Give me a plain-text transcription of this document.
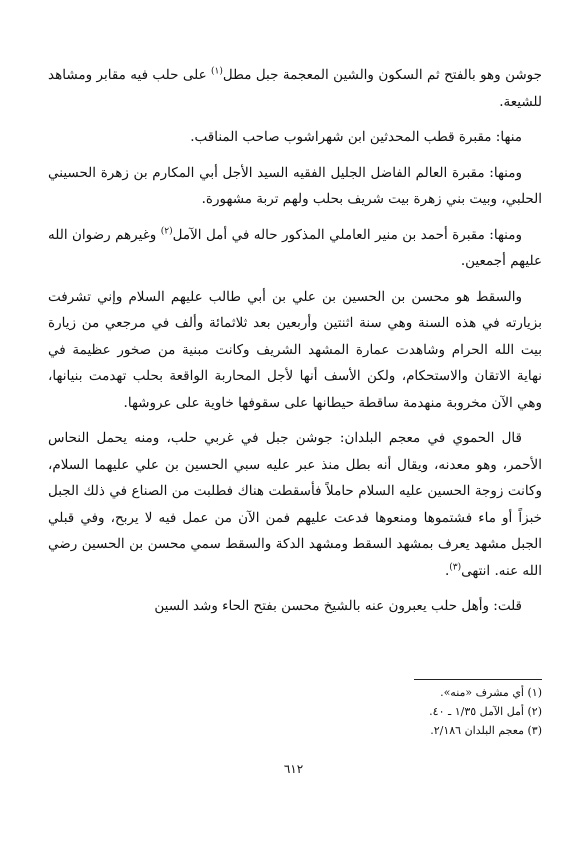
جوشن وهو بالفتح ثم السكون والشين المعجمة جبل مطل$^{(١)}$ على حلب فيه مقابر ومشاهد للشيعة.

منها: مقبرة قطب المحدثين ابن شهراشوب صاحب المناقب.

ومنها: مقبرة العالم الفاضل الجليل الفقيه السيد الأجل أبي المكارم بن زهرة الحسيني الحلبي، وبيت بني زهرة بيت شريف بحلب ولهم تربة مشهورة.

ومنها: مقبرة أحمد بن منير العاملي المذكور حاله في أمل الآمل$^{(٢)}$ وغيرهم رضوان الله عليهم أجمعين.

والسقط هو محسن بن الحسين بن علي بن أبي طالب عليهم السلام وإني تشرفت بزيارته في هذه السنة وهي سنة اثنتين وأربعين بعد ثلاثمائة وألف في مرجعي من زيارة بيت الله الحرام وشاهدت عمارة المشهد الشريف وكانت مبنية من صخور عظيمة في نهاية الاتقان والاستحكام، ولكن الأسف أنها لأجل المحاربة الواقعة بحلب تهدمت بنيانها، وهي الآن مخروبة منهدمة ساقطة حيطانها على سقوفها خاوية على عروشها.

قال الحموي في معجم البلدان: جوشن جبل في غربي حلب، ومنه يحمل النحاس الأحمر، وهو معدنه، ويقال أنه بطل منذ عبر عليه سبي الحسين بن علي عليهما السلام، وكانت زوجة الحسين عليه السلام حاملاً فأسقطت هناك فطلبت من الصناع في ذلك الجبل خبزاً أو ماء فشتموها ومنعوها فدعت عليهم فمن الآن من عمل فيه لا يربح، وفي قبلي الجبل مشهد يعرف بمشهد السقط ومشهد الدكة والسقط سمي محسن بن الحسين رضي الله عنه. انتهى$^{(٣)}$.

قلت: وأهل حلب يعبرون عنه بالشيخ محسن بفتح الحاء وشد السين

(١) أي مشرف «منه».

(٢) أمل الآمل ١/٣٥ ـ ٤٠.

(٣) معجم البلدان ٢/١٨٦.

٦١٢
